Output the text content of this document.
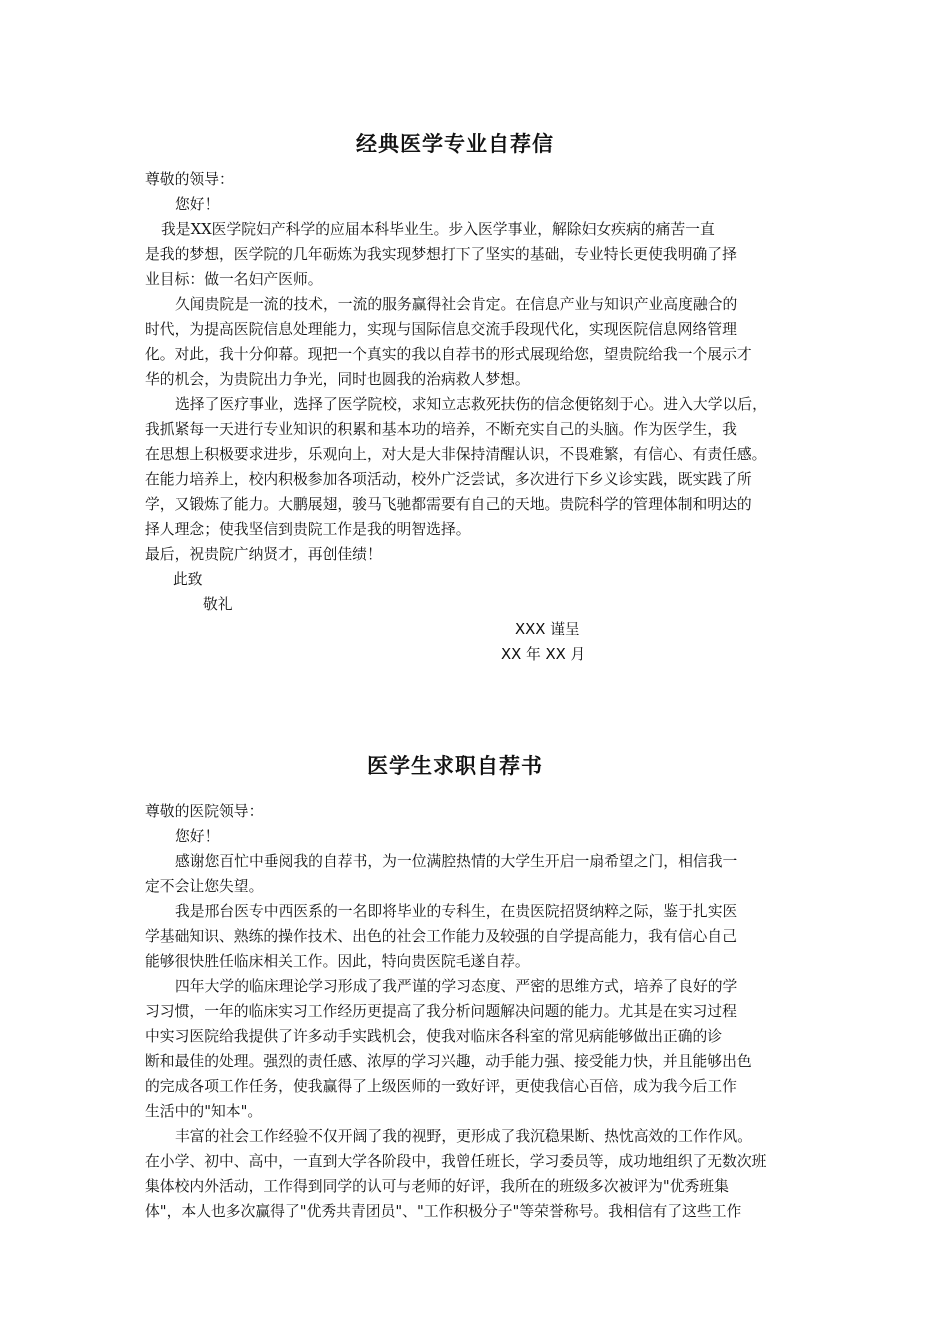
经典医学专业自荐信

尊敬的领导：

您好！

我是XX医学院妇产科学的应届本科毕业生。步入医学事业，解除妇女疾病的痛苦一直

是我的梦想，医学院的几年砺炼为我实现梦想打下了坚实的基础，专业特长更使我明确了择

业目标：做一名妇产医师。

久闻贵院是一流的技术，一流的服务赢得社会肯定。在信息产业与知识产业高度融合的

时代，为提高医院信息处理能力，实现与国际信息交流手段现代化，实现医院信息网络管理

化。对此，我十分仰幕。现把一个真实的我以自荐书的形式展现给您，望贵院给我一个展示才

华的机会，为贵院出力争光，同时也圆我的治病救人梦想。

选择了医疗事业，选择了医学院校，求知立志救死扶伤的信念便铭刻于心。进入大学以后，

我抓紧每一天进行专业知识的积累和基本功的培养，不断充实自己的头脑。作为医学生，我

在思想上积极要求进步，乐观向上，对大是大非保持清醒认识，不畏难繁，有信心、有责任感。

在能力培养上，校内积极参加各项活动，校外广泛尝试，多次进行下乡义诊实践，既实践了所

学，又锻炼了能力。大鹏展翅，骏马飞驰都需要有自己的天地。贵院科学的管理体制和明达的

择人理念；使我坚信到贵院工作是我的明智选择。

最后，祝贵院广纳贤才，再创佳绩！

此致

敬礼

XXX 谨呈

XX 年 XX 月

医学生求职自荐书

尊敬的医院领导：

您好！

感谢您百忙中垂阅我的自荐书，为一位满腔热情的大学生开启一扇希望之门，相信我一

定不会让您失望。

我是邢台医专中西医系的一名即将毕业的专科生，在贵医院招贤纳粹之际，鉴于扎实医

学基础知识、熟练的操作技术、出色的社会工作能力及较强的自学提高能力，我有信心自己

能够很快胜任临床相关工作。因此，特向贵医院毛遂自荐。

四年大学的临床理论学习形成了我严谨的学习态度、严密的思维方式，培养了良好的学

习习惯，一年的临床实习工作经历更提高了我分析问题解决问题的能力。尤其是在实习过程

中实习医院给我提供了许多动手实践机会，使我对临床各科室的常见病能够做出正确的诊

断和最佳的处理。强烈的责任感、浓厚的学习兴趣，动手能力强、接受能力快，并且能够出色

的完成各项工作任务，使我赢得了上级医师的一致好评，更使我信心百倍，成为我今后工作

生活中的"知本"。

丰富的社会工作经验不仅开阔了我的视野，更形成了我沉稳果断、热忱高效的工作作风。

在小学、初中、高中，一直到大学各阶段中，我曾任班长，学习委员等，成功地组织了无数次班

集体校内外活动，工作得到同学的认可与老师的好评，我所在的班级多次被评为"优秀班集

体"，本人也多次赢得了"优秀共青团员"、"工作积极分子"等荣誉称号。我相信有了这些工作
